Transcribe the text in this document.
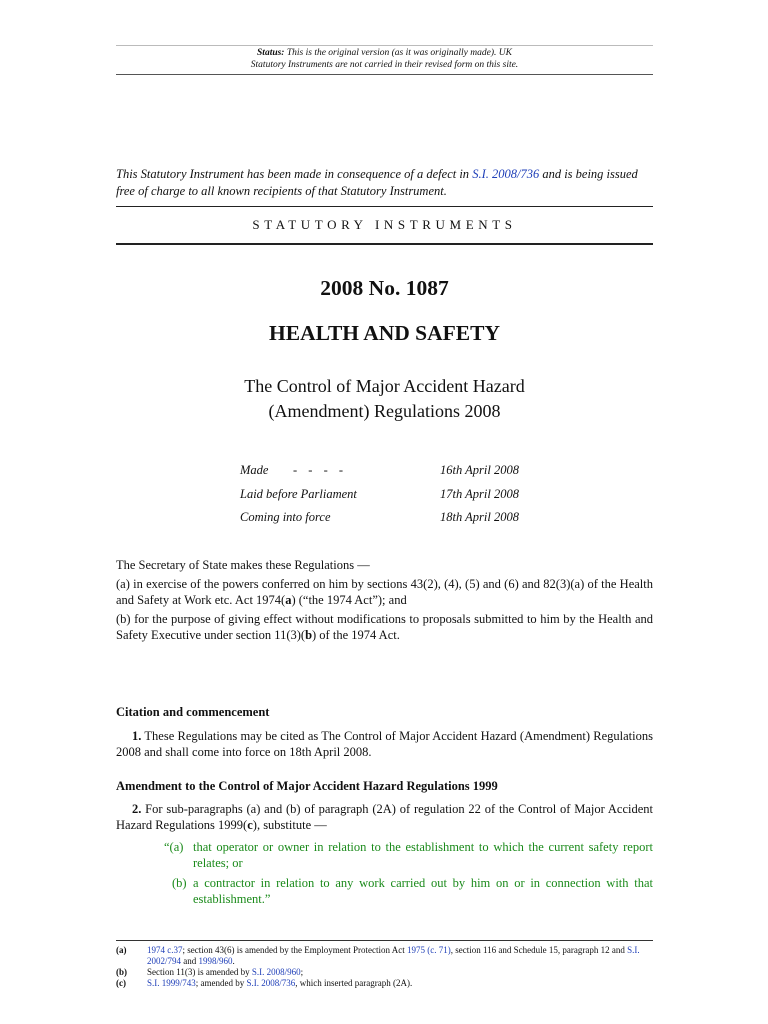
Status: This is the original version (as it was originally made). UK
Statutory Instruments are not carried in their revised form on this site.
This Statutory Instrument has been made in consequence of a defect in S.I. 2008/736 and is being issued free of charge to all known recipients of that Statutory Instrument.
STATUTORY INSTRUMENTS
2008 No. 1087
HEALTH AND SAFETY
The Control of Major Accident Hazard
(Amendment) Regulations 2008
Made - - - -	16th April 2008
Laid before Parliament	17th April 2008
Coming into force	18th April 2008

The Secretary of State makes these Regulations —

(a) in exercise of the powers conferred on him by sections 43(2), (4), (5) and (6) and 82(3)(a) of the Health and Safety at Work etc. Act 1974(a) (“the 1974 Act”); and

(b) for the purpose of giving effect without modifications to proposals submitted to him by the Health and Safety Executive under section 11(3)(b) of the 1974 Act.

Citation and commencement
1. These Regulations may be cited as The Control of Major Accident Hazard (Amendment) Regulations 2008 and shall come into force on 18th April 2008.
Amendment to the Control of Major Accident Hazard Regulations 1999
2. For sub-paragraphs (a) and (b) of paragraph (2A) of regulation 22 of the Control of Major Accident Hazard Regulations 1999(c), substitute —
“(a) that operator or owner in relation to the establishment to which the current safety report relates; or
(b) a contractor in relation to any work carried out by him on or in connection with that establishment.”
(a) 1974 c.37; section 43(6) is amended by the Employment Protection Act 1975 (c. 71), section 116 and Schedule 15, paragraph 12 and S.I. 2002/794 and 1998/960.
(b) Section 11(3) is amended by S.I. 2008/960;
(c) S.I. 1999/743; amended by S.I. 2008/736, which inserted paragraph (2A).
